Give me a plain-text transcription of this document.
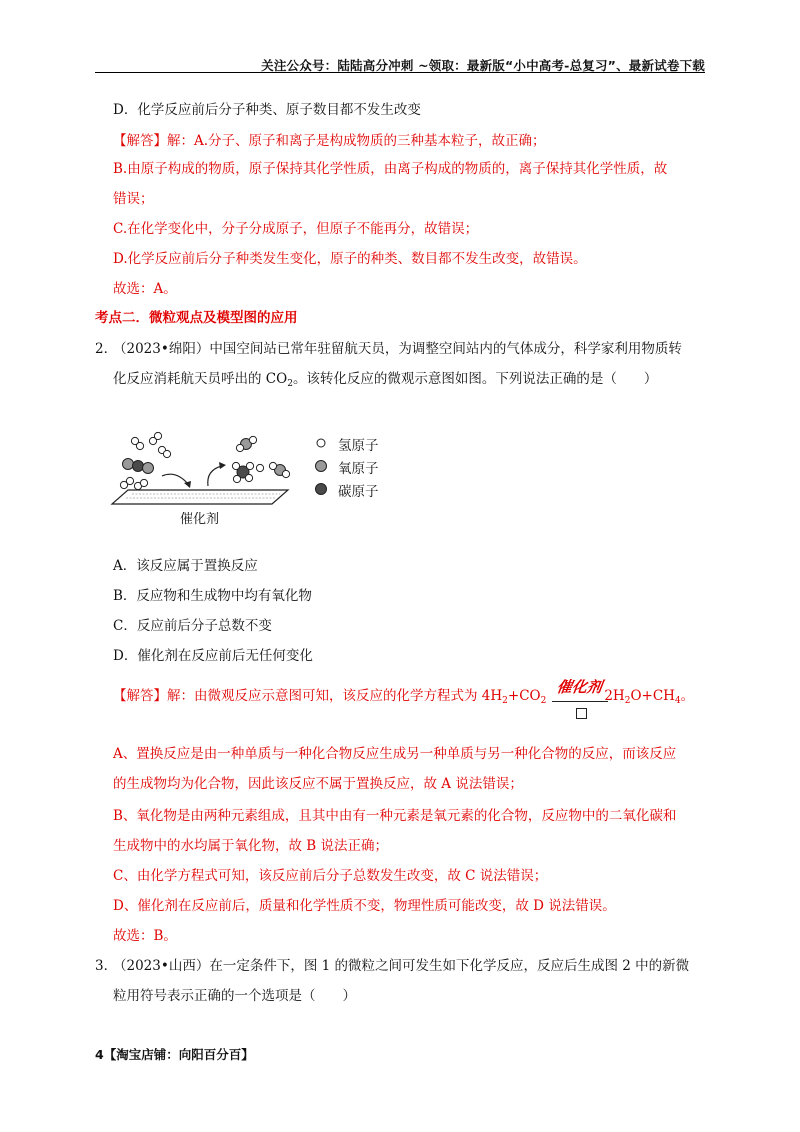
关注公众号：陆陆高分冲刺 ~领取：最新版“小中高考-总复习”、最新试卷下载
D．化学反应前后分子种类、原子数目都不发生改变
【解答】解：A.分子、原子和离子是构成物质的三种基本粒子，故正确；
B.由原子构成的物质，原子保持其化学性质，由离子构成的物质的，离子保持其化学性质，故
错误；
C.在化学变化中，分子分成原子，但原子不能再分，故错误；
D.化学反应前后分子种类发生变化，原子的种类、数目都不发生改变，故错误。
故选：A。
考点二．微粒观点及模型图的应用
2．
（2023•绵阳）中国空间站已常年驻留航天员，为调整空间站内的气体成分，科学家利用物质转
化反应消耗航天员呼出的 $CO_2$。该转化反应的微观示意图如图。下列说法正确的是（　　）
催化剂
氢原子
氧原子
碳原子
A．该反应属于置换反应
B．反应物和生成物中均有氧化物
C．反应前后分子总数不变
D．催化剂在反应前后无任何变化
【解答】解：由微观反应示意图可知，该反应的化学方程式为 $4H_2+CO_2$	$2H_2O+CH_4$。
催化剂
A、置换反应是由一种单质与一种化合物反应生成另一种单质与另一种化合物的反应，而该反应
的生成物均为化合物，因此该反应不属于置换反应，故 A 说法错误；
B、氧化物是由两种元素组成，且其中由有一种元素是氧元素的化合物，反应物中的二氧化碳和
生成物中的水均属于氧化物，故 B 说法正确；
C、由化学方程式可知，该反应前后分子总数发生改变，故 C 说法错误；
D、催化剂在反应前后，质量和化学性质不变，物理性质可能改变，故 D 说法错误。
故选：B。
3．
（2023•山西）在一定条件下，图 1 的微粒之间可发生如下化学反应，反应后生成图 2 中的新微
粒用符号表示正确的一个选项是（　　）
4【淘宝店铺：向阳百分百】
